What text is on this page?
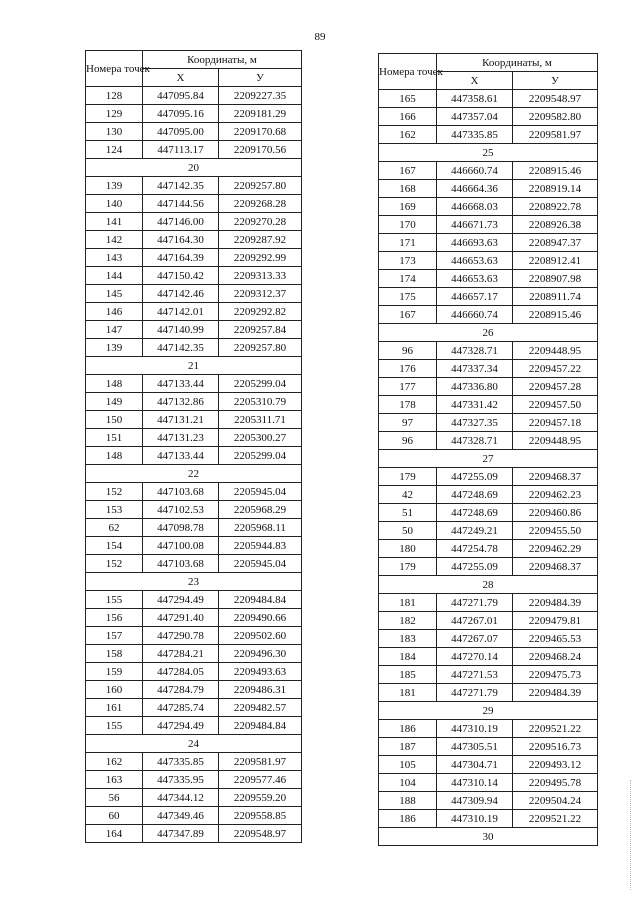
89
Номера точек	Координаты, м	
	X	У
128	447095.84	2209227.35
129	447095.16	2209181.29
130	447095.00	2209170.68
124	447113.17	2209170.56
20		
139	447142.35	2209257.80
140	447144.56	2209268.28
141	447146.00	2209270.28
142	447164.30	2209287.92
143	447164.39	2209292.99
144	447150.42	2209313.33
145	447142.46	2209312.37
146	447142.01	2209292.82
147	447140.99	2209257.84
139	447142.35	2209257.80
21		
148	447133.44	2205299.04
149	447132.86	2205310.79
150	447131.21	2205311.71
151	447131.23	2205300.27
148	447133.44	2205299.04
22		
152	447103.68	2205945.04
153	447102.53	2205968.29
62	447098.78	2205968.11
154	447100.08	2205944.83
152	447103.68	2205945.04
23		
155	447294.49	2209484.84
156	447291.40	2209490.66
157	447290.78	2209502.60
158	447284.21	2209496.30
159	447284.05	2209493.63
160	447284.79	2209486.31
161	447285.74	2209482.57
155	447294.49	2209484.84
24		
162	447335.85	2209581.97
163	447335.95	2209577.46
56	447344.12	2209559.20
60	447349.46	2209558.85
164	447347.89	2209548.97
Номера точек	Координаты, м	
	X	У
165	447358.61	2209548.97
166	447357.04	2209582.80
162	447335.85	2209581.97
25		
167	446660.74	2208915.46
168	446664.36	2208919.14
169	446668.03	2208922.78
170	446671.73	2208926.38
171	446693.63	2208947.37
173	446653.63	2208912.41
174	446653.63	2208907.98
175	446657.17	2208911.74
167	446660.74	2208915.46
26		
96	447328.71	2209448.95
176	447337.34	2209457.22
177	447336.80	2209457.28
178	447331.42	2209457.50
97	447327.35	2209457.18
96	447328.71	2209448.95
27		
179	447255.09	2209468.37
42	447248.69	2209462.23
51	447248.69	2209460.86
50	447249.21	2209455.50
180	447254.78	2209462.29
179	447255.09	2209468.37
28		
181	447271.79	2209484.39
182	447267.01	2209479.81
183	447267.07	2209465.53
184	447270.14	2209468.24
185	447271.53	2209475.73
181	447271.79	2209484.39
29		
186	447310.19	2209521.22
187	447305.51	2209516.73
105	447304.71	2209493.12
104	447310.14	2209495.78
188	447309.94	2209504.24
186	447310.19	2209521.22
30		
